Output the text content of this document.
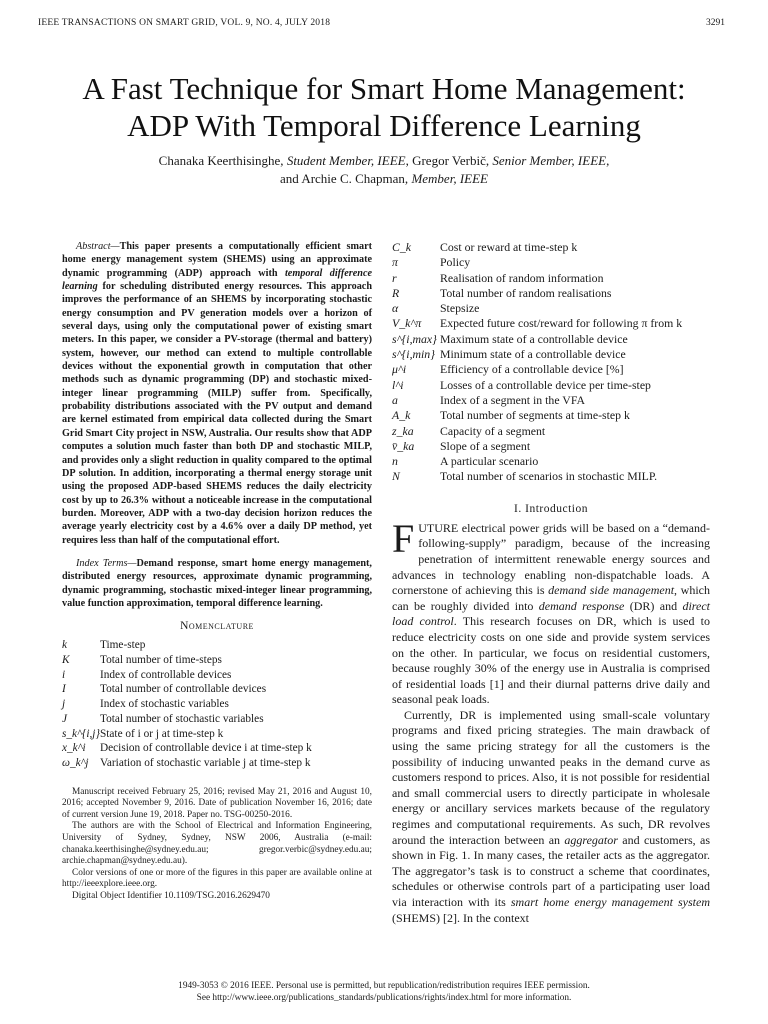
IEEE TRANSACTIONS ON SMART GRID, VOL. 9, NO. 4, JULY 2018	3291
A Fast Technique for Smart Home Management:
ADP With Temporal Difference Learning
Chanaka Keerthisinghe, Student Member, IEEE, Gregor Verbič, Senior Member, IEEE,
and Archie C. Chapman, Member, IEEE

Abstract—This paper presents a computationally efficient smart home energy management system (SHEMS) using an approximate dynamic programming (ADP) approach with temporal difference learning for scheduling distributed energy resources. This approach improves the performance of an SHEMS by incorporating stochastic energy consumption and PV generation models over a horizon of several days, using only the computational power of existing smart meters. In this paper, we consider a PV-storage (thermal and battery) system, however, our method can extend to multiple controllable devices without the exponential growth in computation that other methods such as dynamic programming (DP) and stochastic mixed-integer linear programming (MILP) suffer from. Specifically, probability distributions associated with the PV output and demand are kernel estimated from empirical data collected during the Smart Grid Smart City project in NSW, Australia. Our results show that ADP computes a solution much faster than both DP and stochastic MILP, and provides only a slight reduction in quality compared to the optimal DP solution. In addition, incorporating a thermal energy storage unit using the proposed ADP-based SHEMS reduces the daily electricity cost by up to 26.3% without a noticeable increase in the computational burden. Moreover, ADP with a two-day decision horizon reduces the average yearly electricity cost by a 4.6% over a daily DP method, yet requires less than half of the computational effort.

Index Terms—Demand response, smart home energy management, distributed energy resources, approximate dynamic programming, dynamic programming, stochastic mixed-integer linear programming, value function approximation, temporal difference learning.

Nomenclature
k	Time-step
K	Total number of time-steps
i	Index of controllable devices
I	Total number of controllable devices
j	Index of stochastic variables
J	Total number of stochastic variables
s_k^{i,j} State of i or j at time-step k
x_k^i	Decision of controllable device i at time-step k
ω_k^j	Variation of stochastic variable j at time-step k

Manuscript received February 25, 2016; revised May 21, 2016 and August 10, 2016; accepted November 9, 2016. Date of publication November 16, 2016; date of current version June 19, 2018. Paper no. TSG-00250-2016.

The authors are with the School of Electrical and Information Engineering, University of Sydney, Sydney, NSW 2006, Australia (e-mail: chanaka.keerthisinghe@sydney.edu.au; gregor.verbic@sydney.edu.au; archie.chapman@sydney.edu.au).

Color versions of one or more of the figures in this paper are available online at http://ieeexplore.ieee.org.

Digital Object Identifier 10.1109/TSG.2016.2629470

C_k	Cost or reward at time-step k
π	Policy
r	Realisation of random information
R	Total number of random realisations
α	Stepsize
V_k^π	Expected future cost/reward for following π from k
s^{i,max} Maximum state of a controllable device
s^{i,min} Minimum state of a controllable device
μ^i	Efficiency of a controllable device [%]
l^i	Losses of a controllable device per time-step
a	Index of a segment in the VFA
A_k	Total number of segments at time-step k
z_ka	Capacity of a segment
v̄_ka	Slope of a segment
n	A particular scenario
N	Total number of scenarios in stochastic MILP.
I. Introduction

FUTURE electrical power grids will be based on a “demand-following-supply” paradigm, because of the increasing penetration of intermittent renewable energy sources and advances in technology enabling non-dispatchable loads. A cornerstone of achieving this is demand side management, which can be roughly divided into demand response (DR) and direct load control. This research focuses on DR, which is used to reduce electricity costs on one side and provide system services on the other. In particular, we focus on residential customers, because roughly 30% of the energy use in Australia is comprised of residential loads [1] and their diurnal patterns drive daily and seasonal peak loads.

Currently, DR is implemented using small-scale voluntary programs and fixed pricing strategies. The main drawback of using the same pricing strategy for all the customers is the possibility of inducing unwanted peaks in the demand curve as customers respond to prices. Also, it is not possible for residential and small commercial users to directly participate in wholesale energy or ancillary services markets because of the regulatory regimes and computational requirements. As such, DR revolves around the interaction between an aggregator and customers, as shown in Fig. 1. In many cases, the retailer acts as the aggregator. The aggregator’s task is to construct a scheme that coordinates, schedules or otherwise controls part of a participating user load via interaction with its smart home energy management system (SHEMS) [2]. In the context

1949-3053 © 2016 IEEE. Personal use is permitted, but republication/redistribution requires IEEE permission.
See http://www.ieee.org/publications_standards/publications/rights/index.html for more information.
